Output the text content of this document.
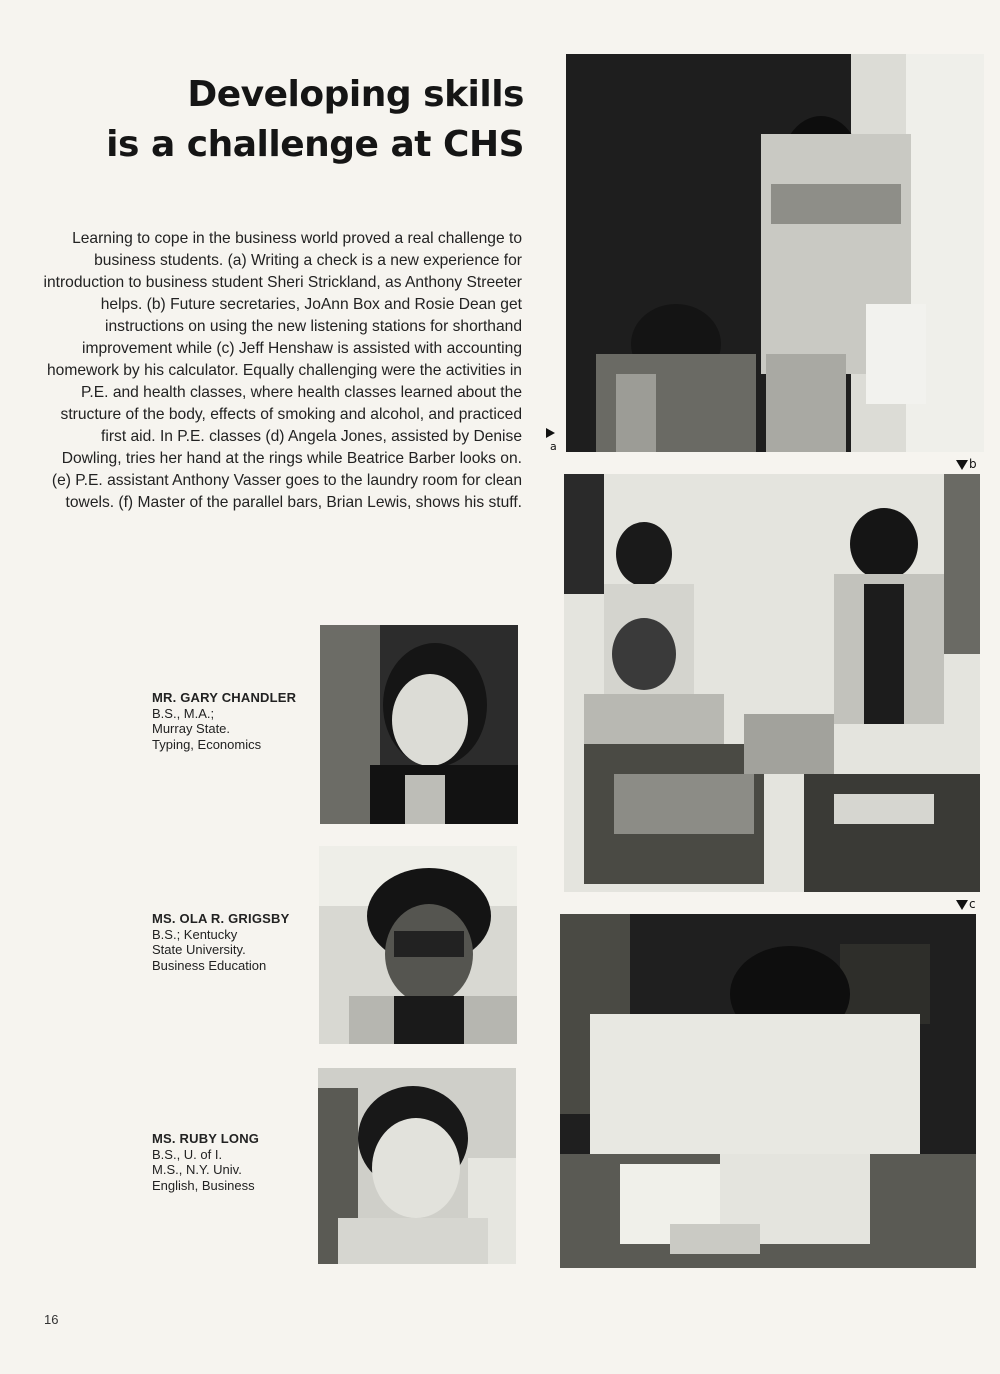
Developing skills
is a challenge at CHS

Learning to cope in the business world proved a real challenge to business students. (a) Writing a check is a new experience for introduction to business student Sheri Strickland, as Anthony Streeter helps. (b) Future secretaries, JoAnn Box and Rosie Dean get instructions on using the new listening stations for shorthand improvement while (c) Jeff Henshaw is assisted with accounting homework by his calculator. Equally challenging were the activities in P.E. and health classes, where health classes learned about the structure of the body, effects of smoking and alcohol, and practiced first aid. In P.E. classes (d) Angela Jones, assisted by Denise Dowling, tries her hand at the rings while Beatrice Barber looks on. (e) P.E. assistant Anthony Vasser goes to the laundry room for clean towels. (f) Master of the parallel bars, Brian Lewis, shows his stuff.

a
b
c
MR. GARY CHANDLER
B.S., M.A.;
Murray State.
Typing, Economics
MS. OLA R. GRIGSBY
B.S.; Kentucky
State University.
Business Education
MS. RUBY LONG
B.S., U. of I.
M.S., N.Y. Univ.
English, Business
16
